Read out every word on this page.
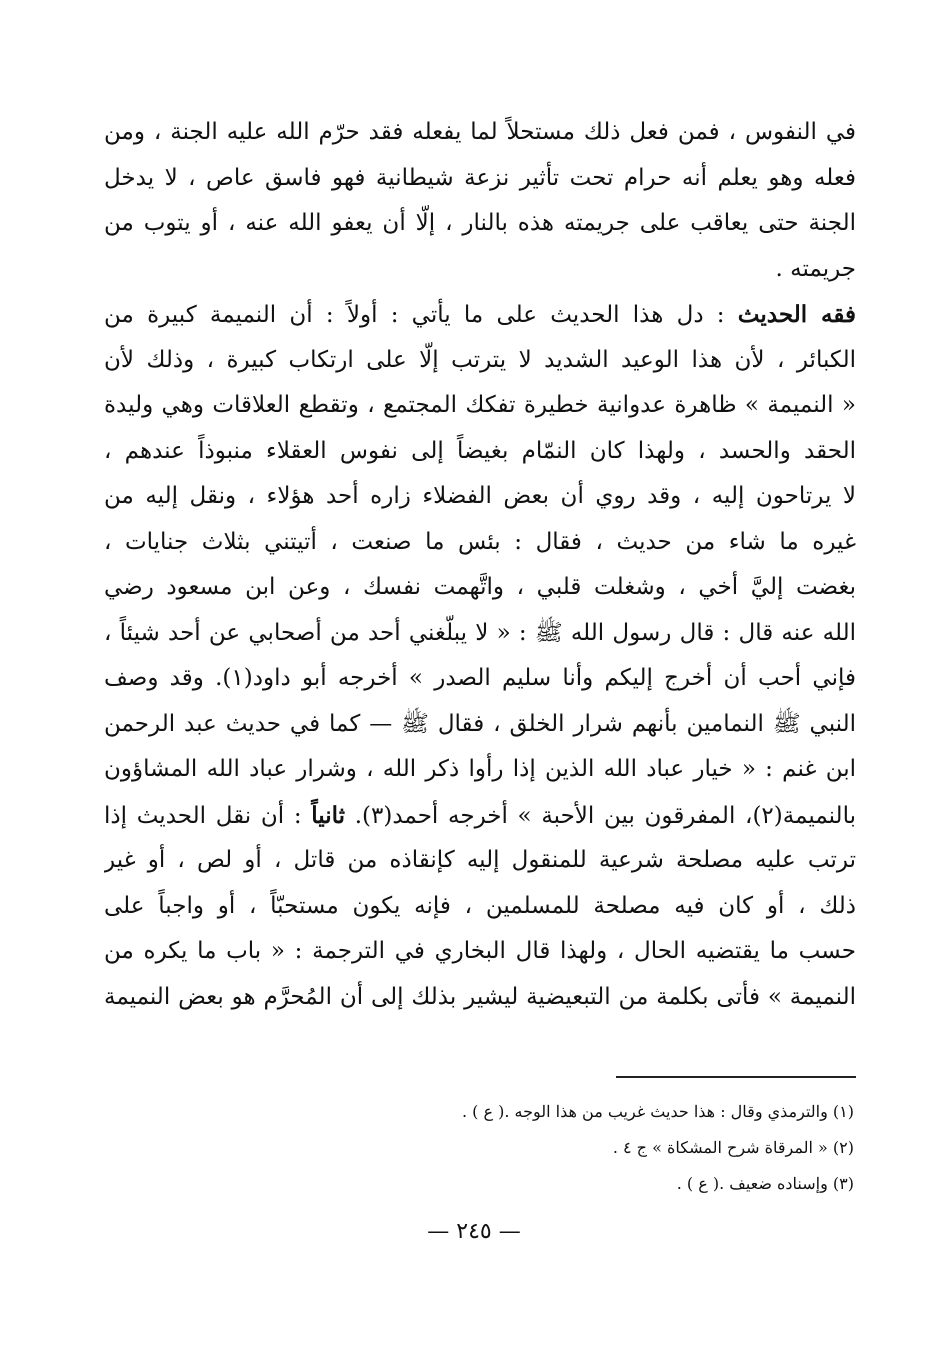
في النفوس ، فمن فعل ذلك مستحلاً لما يفعله فقد حرّم الله عليه الجنة ، ومن
فعله وهو يعلم أنه حرام تحت تأثير نزعة شيطانية فهو فاسق عاص ، لا يدخل
الجنة حتى يعاقب على جريمته هذه بالنار ، إلّا أن يعفو الله عنه ، أو يتوب من
جريمته .
فقه الحديث : دل هذا الحديث على ما يأتي : أولاً : أن النميمة كبيرة من
الكبائر ، لأن هذا الوعيد الشديد لا يترتب إلّا على ارتكاب كبيرة ، وذلك لأن
« النميمة » ظاهرة عدوانية خطيرة تفكك المجتمع ، وتقطع العلاقات وهي وليدة
الحقد والحسد ، ولهذا كان النمّام بغيضاً إلى نفوس العقلاء منبوذاً عندهم ،
لا يرتاحون إليه ، وقد روي أن بعض الفضلاء زاره أحد هؤلاء ، ونقل إليه من
غيره ما شاء من حديث ، فقال : بئس ما صنعت ، أتيتني بثلاث جنايات ،
بغضت إليَّ أخي ، وشغلت قلبي ، واتَّهمت نفسك ، وعن ابن مسعود رضي
الله عنه قال : قال رسول الله ﷺ : « لا يبلّغني أحد من أصحابي عن أحد شيئاً ،
فإني أحب أن أخرج إليكم وأنا سليم الصدر » أخرجه أبو داود(١). وقد وصف
النبي ﷺ النمامين بأنهم شرار الخلق ، فقال ﷺ — كما في حديث عبد الرحمن
ابن غنم : « خيار عباد الله الذين إذا رأوا ذكر الله ، وشرار عباد الله المشاؤون
بالنميمة(٢)، المفرقون بين الأحبة » أخرجه أحمد(٣). ثانياً : أن نقل الحديث إذا
ترتب عليه مصلحة شرعية للمنقول إليه كإنقاذه من قاتل ، أو لص ، أو غير
ذلك ، أو كان فيه مصلحة للمسلمين ، فإنه يكون مستحبّاً ، أو واجباً على
حسب ما يقتضيه الحال ، ولهذا قال البخاري في الترجمة : « باب ما يكره من
النميمة » فأتى بكلمة من التبعيضية ليشير بذلك إلى أن المُحرَّم هو بعض النميمة
(١) والترمذي وقال : هذا حديث غريب من هذا الوجه .( ع ) .
(٢) « المرقاة شرح المشكاة » ج ٤ .
(٣) وإسناده ضعيف .( ع ) .
— ٢٤٥ —
